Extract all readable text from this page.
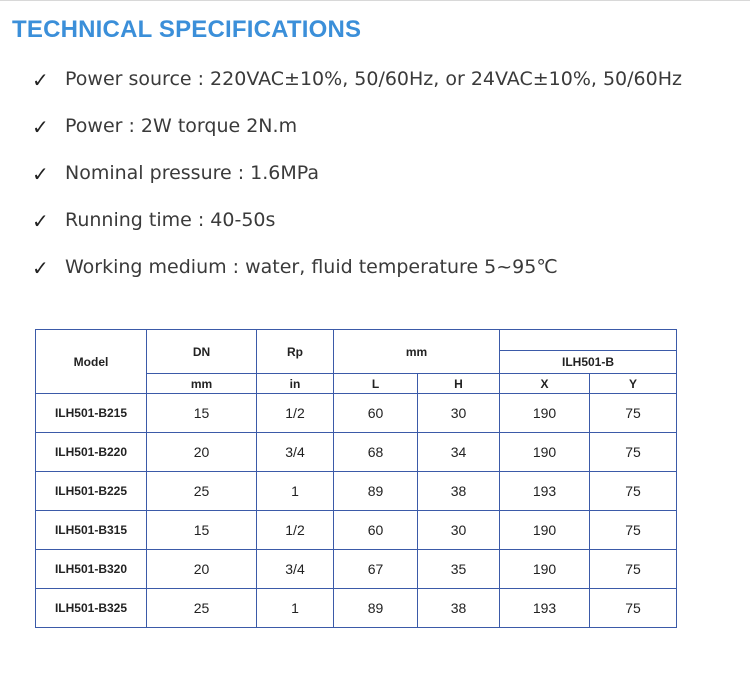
TECHNICAL SPECIFICATIONS
✓ Power source : 220VAC±10%, 50/60Hz, or 24VAC±10%, 50/60Hz
✓ Power : 2W torque 2N.m
✓ Nominal pressure : 1.6MPa
✓ Running time : 40-50s
✓ Working medium : water, fluid temperature 5~95℃
Model	DN	Rp	mm		ILH501-B	

	mm	in	L	H	X	Y
ILH501-B215	15	1/2	60	30	190	75
ILH501-B220	20	3/4	68	34	190	75
ILH501-B225	25	1	89	38	193	75
ILH501-B315	15	1/2	60	30	190	75
ILH501-B320	20	3/4	67	35	190	75
ILH501-B325	25	1	89	38	193	75
